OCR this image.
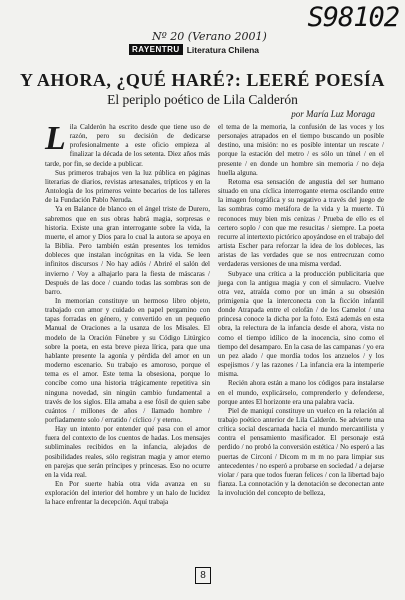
S98102
Nº 20 (Verano 2001)
RAYENTRU Literatura Chilena
Y AHORA, ¿QUÉ HARÉ?: LEERÉ POESÍA
El periplo poético de Lila Calderón
por María Luz Moraga
L ila Calderón ha escrito desde que tiene uso de razón, pero su decisión de dedicarse profesionalmente a este oficio empieza al finalizar la década de los setenta. Diez años más tarde, por fin, se decide a publicar.

Sus primeros trabajos ven la luz pública en páginas literarias de diarios, revistas artesanales, trípticos y en la Antología de los primeros veinte becarios de los talleres de la Fundación Pablo Neruda.

Ya en Balance de blanco en el ángel triste de Durero, sabremos que en sus obras habrá magia, sorpresas e historia. Existe una gran interrogante sobre la vida, la muerte, el amor y Dios para lo cual la autora se apoya en la Biblia. Pero también están presentes los temidos dobleces que instalan incógnitas en la vida. Se leen infinitos discursos / No hay adiós / Abriré el salón del invierno / Voy a alhajarlo para la fiesta de máscaras / Después de las doce / cuando todas las sombras son de barro.

In memorian constituye un hermoso libro objeto, trabajado con amor y cuidado en papel pergamino con tapas forradas en género, y convertido en un pequeño Manual de Oraciones a la usanza de los Misales. El modelo de la Oración Fúnebre y su Código Litúrgico sobre la poeta, en esta breve pieza lírica, para que una hablante presente la agonía y pérdida del amor en un moderno escenario. Su trabajo es amoroso, porque el tema es el amor. Este tema la obsesiona, porque lo concibe como una historia trágicamente repetitiva sin ninguna novedad, sin ningún cambio fundamental a través de los siglos. Ella amaba a ese fósil de quien sabe cuántos / millones de años / llamado hombre / porfiadamente solo / erratido / cíclico / y eterno.

Hay un intento por entender qué pasa con el amor fuera del contexto de los cuentos de hadas. Los mensajes subliminales recibidos en la infancia, alejados de posibilidades reales, sólo registran magia y amor eterno en parejas que serán príncipes y princesas. Eso no ocurre en la vida real.

En Por suerte había otra vida avanza en su exploración del interior del hombre y un halo de lucidez la hace enfrentar la decepción. Aquí trabaja

el tema de la memoria, la confusión de las voces y los personajes atrapados en el tiempo buscando un posible destino, una misión: no es posible intentar un rescate / porque la estación del metro / es sólo un túnel / en el presente / en donde un hombre sin memoria / no deja huella alguna.

Retoma esa sensación de angustia del ser humano situado en una cíclica interrogante eterna oscilando entre la imagen fotográfica y su negativo a través del juego de las sombras como metáfora de la vida y la muerte. Tú reconoces muy bien mis cenizas / Prueba de ello es el certero soplo / con que me resucitas / siempre. La poeta recurre al intertexto pictórico apoyándose en el trabajo del artista Escher para reforzar la idea de los dobleces, las aristas de las verdades que se nos entrecruzan como verdaderas versiones de una misma verdad.

Subyace una crítica a la producción publicitaria que juega con la antigua magia y con el simulacro. Vuelve otra vez, atraída como por un imán a su obsesión primigenia que la interconecta con la ficción infantil donde Atrapada entre el celofán / de los Camelot / una princesa conoce la dicha por la foto. Está además en esta obra, la relectura de la infancia desde el ahora, vista no como el tiempo idílico de la inocencia, sino como el tiempo del desamparo. En la casa de las campanas / yo era un pez alado / que mordía todos los anzuelos / y los espejismos / y las razones / La infancia era la intemperie misma.

Recién ahora están a mano los códigos para instalarse en el mundo, explicárselo, comprenderlo y defenderse, porque antes El horizonte era una palabra vacía.

Piel de maniquí constituye un vuelco en la relación al trabajo poético anterior de Lila Calderón. Se advierte una crítica social descarnada hacia el mundo mercantilista y contra el pensamiento masificador. El personaje está perdido / no probó la conversión estética / No esperó a las puertas de Circoní / Dicom m m m no para limpiar sus antecedentes / no esperó a probarse en sociedad / a dejarse violar / para que todos fueran felices / con la libertad bajo fianza. La connotación y la denotación se deconectan ante la involución del concepto de belleza,

8
